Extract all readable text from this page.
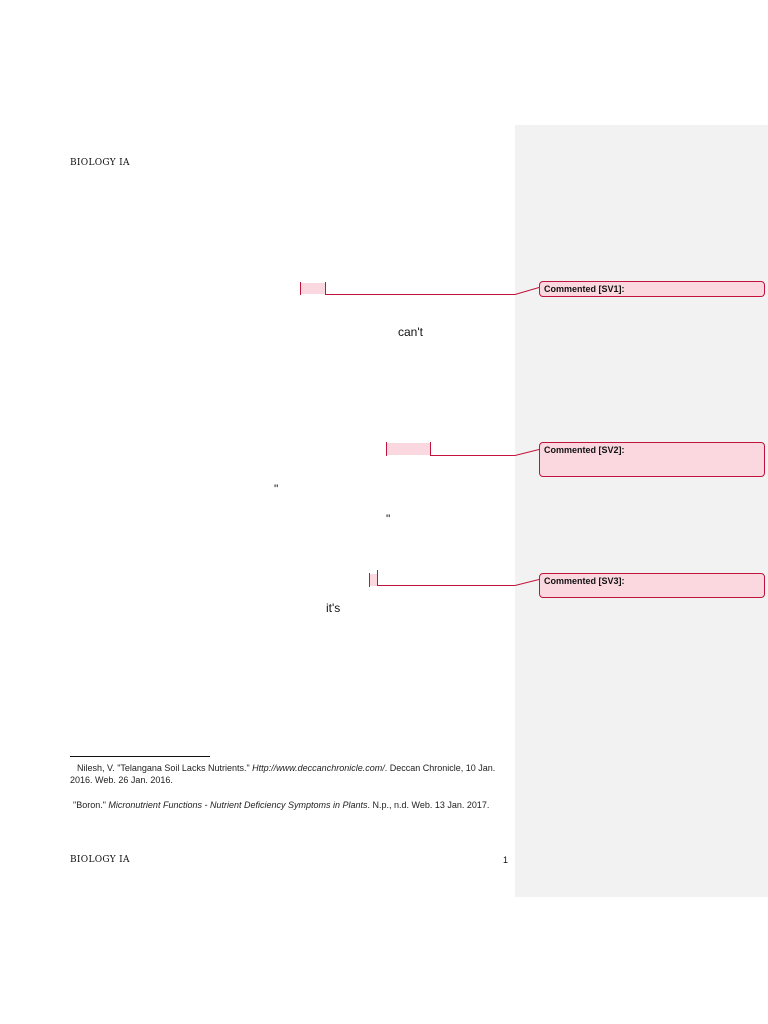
BIOLOGY IA
can't
"
"
it's
Commented [SV1]:
Commented [SV2]:
Commented [SV3]:
Nilesh, V. "Telangana Soil Lacks Nutrients." Http://www.deccanchronicle.com/. Deccan Chronicle, 10 Jan. 2016. Web. 26 Jan. 2016.
"Boron." Micronutrient Functions - Nutrient Deficiency Symptoms in Plants. N.p., n.d. Web. 13 Jan. 2017.
BIOLOGY IA	1
